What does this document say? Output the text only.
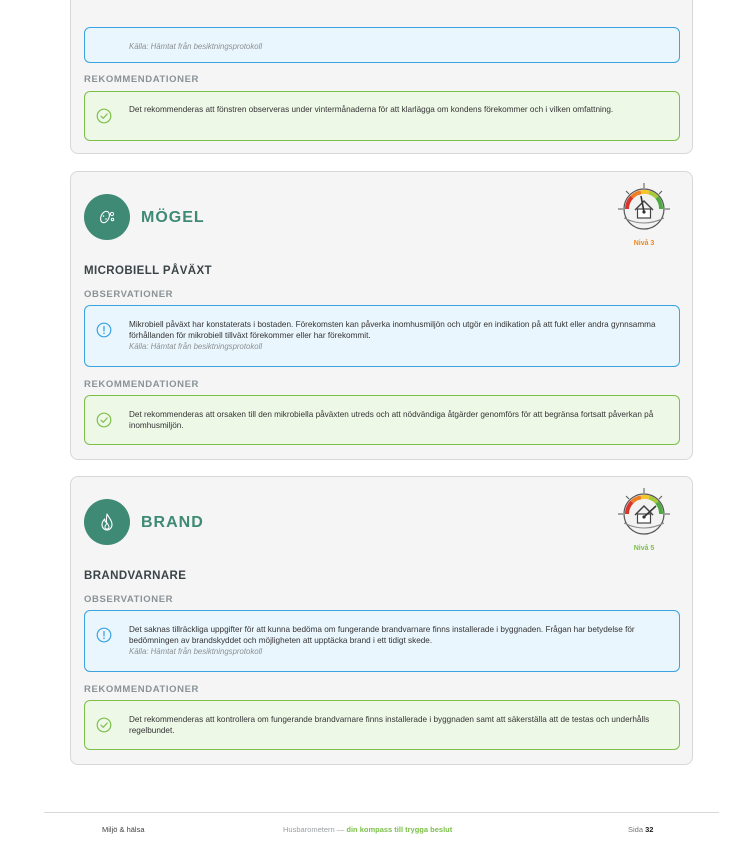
Källa: Hämtat från besiktningsprotokoll
REKOMMENDATIONER
Det rekommenderas att fönstren observeras under vintermånaderna för att klarlägga om kondens förekommer och i vilken omfattning.
MÖGEL
Nivå 3
MICROBIELL PÅVÄXT
OBSERVATIONER
Mikrobiell påväxt har konstaterats i bostaden. Förekomsten kan påverka inomhusmiljön och utgör en indikation på att fukt eller andra gynnsamma förhållanden för mikrobiell tillväxt förekommer eller har förekommit.
Källa: Hämtat från besiktningsprotokoll
REKOMMENDATIONER
Det rekommenderas att orsaken till den mikrobiella påväxten utreds och att nödvändiga åtgärder genomförs för att begränsa fortsatt påverkan på inomhusmiljön.
BRAND
Nivå 5
BRANDVARNARE
OBSERVATIONER
Det saknas tillräckliga uppgifter för att kunna bedöma om fungerande brandvarnare finns installerade i byggnaden. Frågan har betydelse för bedömningen av brandskyddet och möjligheten att upptäcka brand i ett tidigt skede.
Källa: Hämtat från besiktningsprotokoll
REKOMMENDATIONER
Det rekommenderas att kontrollera om fungerande brandvarnare finns installerade i byggnaden samt att säkerställa att de testas och underhålls regelbundet.
Miljö & hälsa	Husbarometern — din kompass till trygga beslut	Sida 32
